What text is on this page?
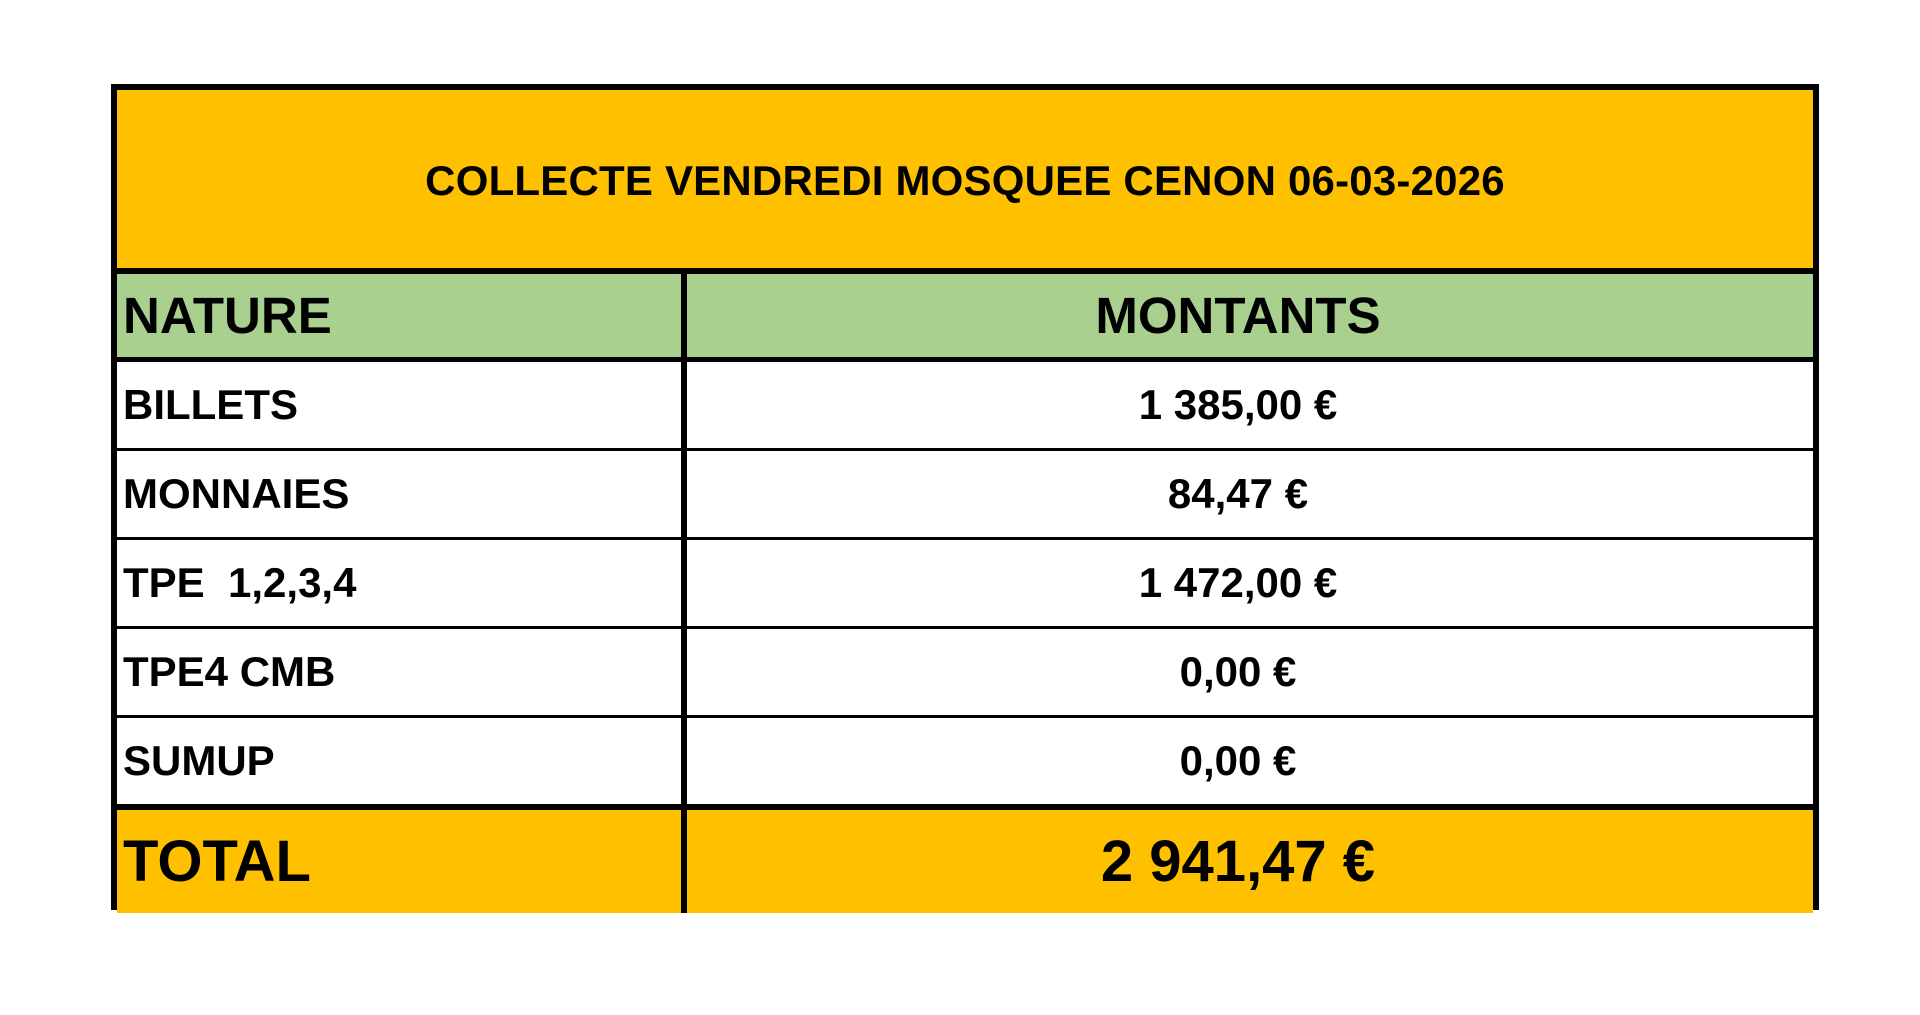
COLLECTE VENDREDI MOSQUEE CENON 06-03-2026
NATURE	MONTANTS
BILLETS	1 385,00 €
MONNAIES	84,47 €
TPE  1,2,3,4	1 472,00 €
TPE4 CMB	0,00 €
SUMUP	0,00 €
TOTAL	2 941,47 €
